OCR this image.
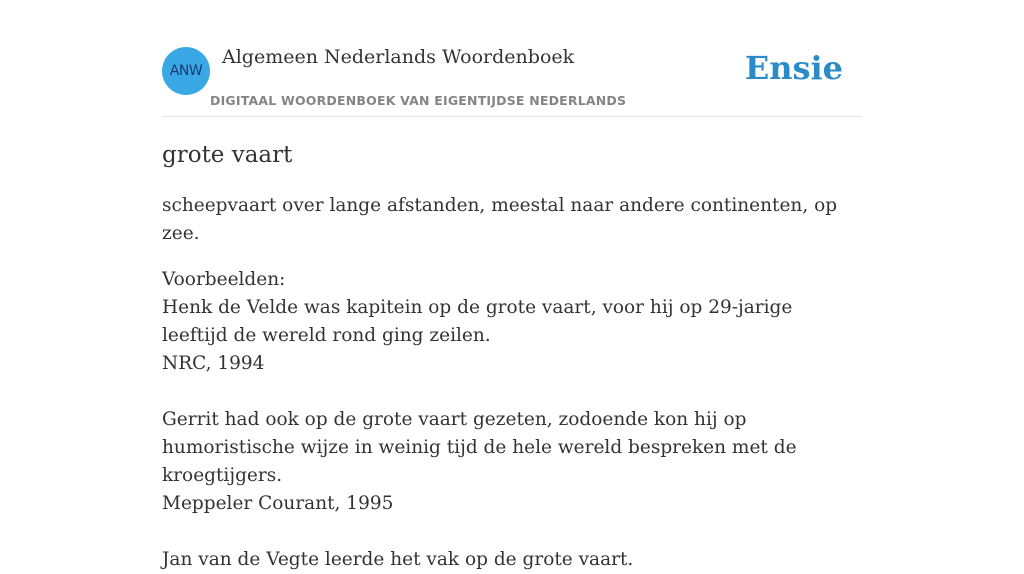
ANW
Algemeen Nederlands Woordenboek
DIGITAAL WOORDENBOEK VAN EIGENTIJDSE NEDERLANDS
Ensie
grote vaart

scheepvaart over lange afstanden, meestal naar andere continenten, op zee.

Voorbeelden:
Henk de Velde was kapitein op de grote vaart, voor hij op 29-jarige leeftijd de wereld rond ging zeilen.
NRC, 1994
Gerrit had ook op de grote vaart gezeten, zodoende kon hij op humoristische wijze in weinig tijd de hele wereld bespreken met de kroegtijgers.
Meppeler Courant, 1995
Jan van de Vegte leerde het vak op de grote vaart.
